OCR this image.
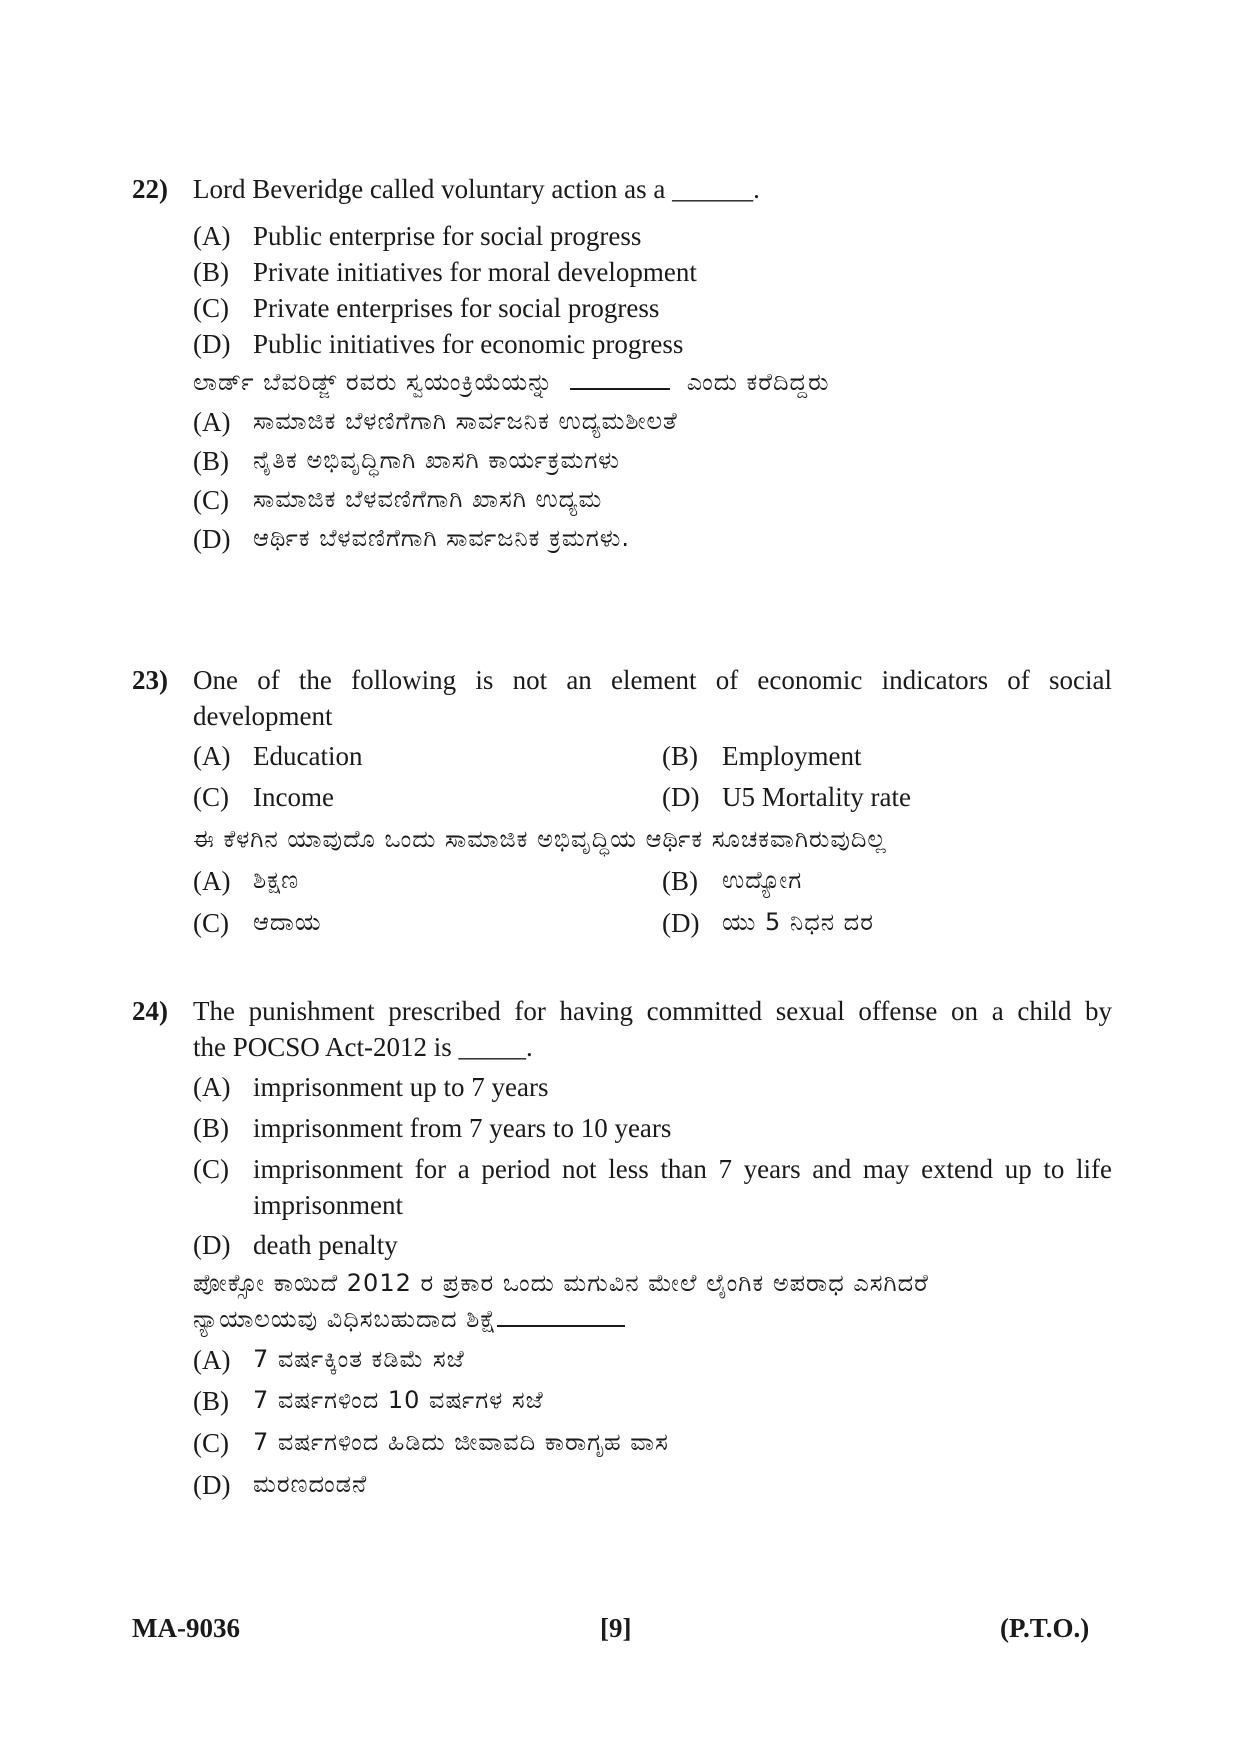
22) Lord Beveridge called voluntary action as a ______.
(A) Public enterprise for social progress
(B) Private initiatives for moral development
(C) Private enterprises for social progress
(D) Public initiatives for economic progress
ಲಾರ್ಡ್ ಬೆವರಿಡ್ಜ್ ರವರು ಸ್ವಯಂಕ್ರಿಯೆಯನ್ನು	ಎಂದು ಕರೆದಿದ್ದರು
(A) ಸಾಮಾಜಿಕ ಬೆಳಣಿಗೆಗಾಗಿ ಸಾರ್ವಜನಿಕ ಉದ್ಯಮಶೀಲತೆ
(B) ನೈತಿಕ ಅಭಿವೃದ್ಧಿಗಾಗಿ ಖಾಸಗಿ ಕಾರ್ಯಕ್ರಮಗಳು
(C) ಸಾಮಾಜಿಕ ಬೆಳವಣಿಗೆಗಾಗಿ ಖಾಸಗಿ ಉದ್ಯಮ
(D) ಆರ್ಥಿಕ ಬೆಳವಣಿಗೆಗಾಗಿ ಸಾರ್ವಜನಿಕ ಕ್ರಮಗಳು.
23) One of the following is not an element of economic indicators of social
development
(A) Education	(B) Employment
(C) Income	(D) U5 Mortality rate
ಈ ಕೆಳಗಿನ ಯಾವುದೊ ಒಂದು ಸಾಮಾಜಿಕ ಅಭಿವೃದ್ಧಿಯ ಆರ್ಥಿಕ ಸೂಚಕವಾಗಿರುವುದಿಲ್ಲ
(A) ಶಿಕ್ಷಣ	(B) ಉದ್ಯೋಗ
(C) ಆದಾಯ	(D) ಯು 5 ನಿಧನ ದರ
24) The punishment prescribed for having committed sexual offense on a child by
the POCSO Act-2012 is _____.
(A) imprisonment up to 7 years
(B) imprisonment from 7 years to 10 years
(C) imprisonment for a period not less than 7 years and may extend up to life
imprisonment
(D) death penalty
ಪೋಕ್ಸೋ ಕಾಯಿದೆ 2012 ರ ಪ್ರಕಾರ ಒಂದು ಮಗುವಿನ ಮೇಲೆ ಲೈಂಗಿಕ ಅಪರಾಧ ಎಸಗಿದರೆ
ನ್ಯಾಯಾಲಯವು ವಿಧಿಸಬಹುದಾದ ಶಿಕ್ಷೆ
(A) 7 ವರ್ಷಕ್ಕಿಂತ ಕಡಿಮೆ ಸಜೆ
(B) 7 ವರ್ಷಗಳಿಂದ 10 ವರ್ಷಗಳ ಸಜೆ
(C) 7 ವರ್ಷಗಳಿಂದ ಹಿಡಿದು ಜೀವಾವದಿ ಕಾರಾಗೃಹ ವಾಸ
(D) ಮರಣದಂಡನೆ
MA-9036	[9]	(P.T.O.)
